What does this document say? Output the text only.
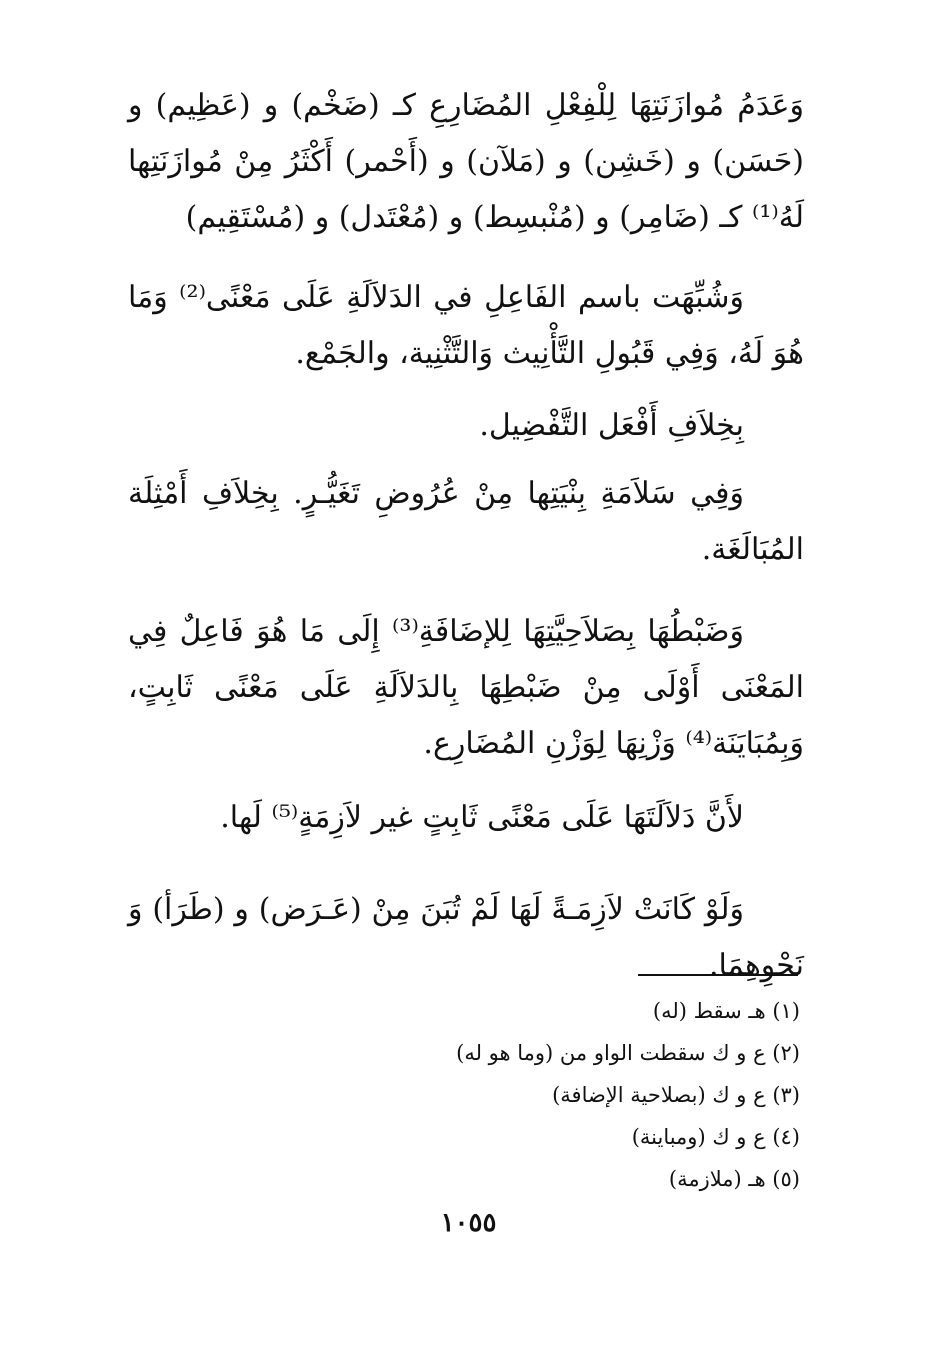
وَعَدَمُ مُوازَنَتِهَا لِلْفِعْلِ المُضَارِعِ كـ (ضَخْم) و (عَظِيم) و (حَسَن) و (خَشِن) و (مَلآن) و (أَحْمر) أَكْثَرُ مِنْ مُوازَنَتِها لَهُ⁽¹⁾ كـ (ضَامِر) و (مُنْبسِط) و (مُعْتَدل) و (مُسْتَقِيم)

وَشُبِّهَت باسم الفَاعِلِ في الدَلاَلَةِ عَلَى مَعْنًى⁽²⁾ وَمَا هُوَ لَهُ، وَفِي قَبُولِ التَّأْنِيث وَالتَّثْنِية، والجَمْع.

بِخِلاَفِ أَفْعَل التَّفْضِيل.

وَفِي سَلاَمَةِ بِنْيَتِها مِنْ عُرُوضِ تَغَيُّـرٍ. بِخِلاَفِ أَمْثِلَة المُبَالَغَة.

وَضَبْطُهَا بِصَلاَحِيَّتِهَا لِلإضَافَةِ⁽³⁾ إِلَى مَا هُوَ فَاعِلٌ فِي المَعْنَى أَوْلَى مِنْ ضَبْطِهَا بِالدَلاَلَةِ عَلَى مَعْنًى ثَابِتٍ، وَبِمُبَايَنَة⁽⁴⁾ وَزْنِهَا لِوَزْنِ المُضَارِع.

لأَنَّ دَلاَلَتَهَا عَلَى مَعْنًى ثَابِتٍ غير لاَزِمَةٍ⁽⁵⁾ لَها.

وَلَوْ كَانَتْ لاَزِمَـةً لَهَا لَمْ تُبَنَ مِنْ (عَـرَض) و (طَرَأ) وَ نَحْوِهِمَا.

(١) هـ سقط (له)

(٢) ع و ك سقطت الواو من (وما هو له)

(٣) ع و ك (بصلاحية الإضافة)

(٤) ع و ك (ومباينة)

(٥) هـ (ملازمة)

١٠٥٥
